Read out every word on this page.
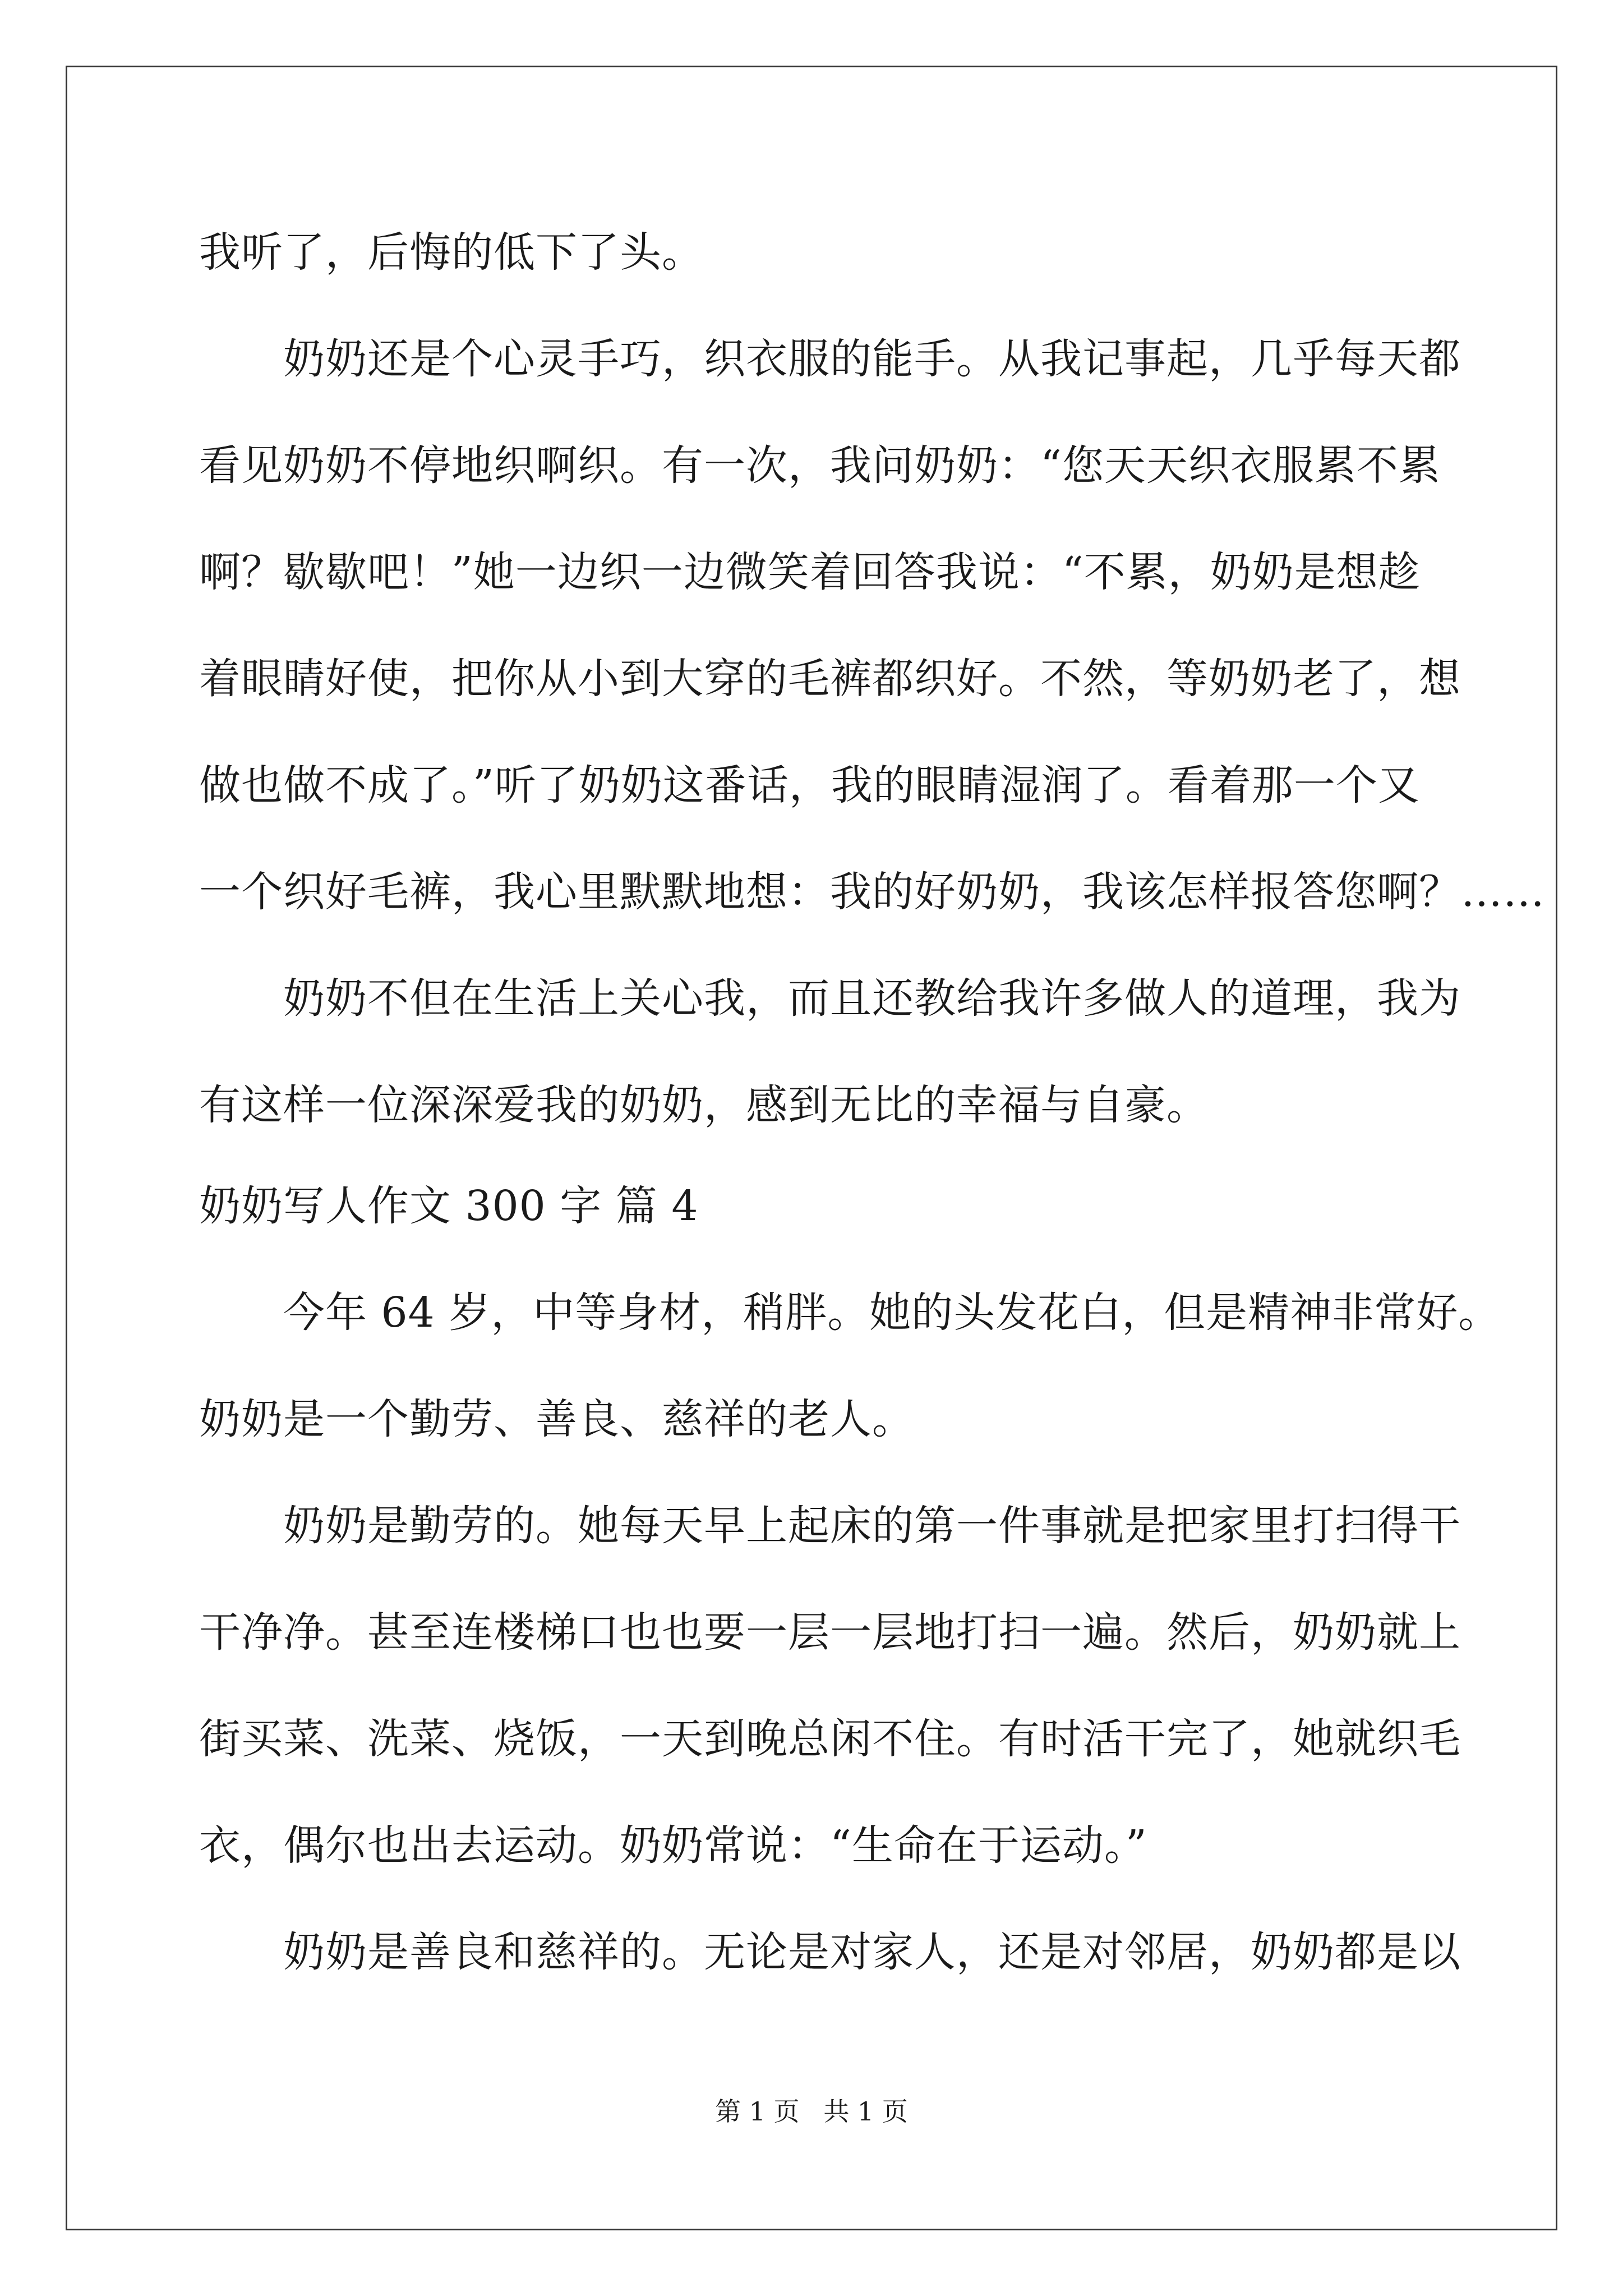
我听了，后悔的低下了头。
奶奶还是个心灵手巧，织衣服的能手。从我记事起，几乎每天都
看见奶奶不停地织啊织。有一次，我问奶奶：“您天天织衣服累不累
啊？歇歇吧！”她一边织一边微笑着回答我说：“不累，奶奶是想趁
着眼睛好使，把你从小到大穿的毛裤都织好。不然，等奶奶老了，想
做也做不成了。”听了奶奶这番话，我的眼睛湿润了。看着那一个又
一个织好毛裤，我心里默默地想：我的好奶奶，我该怎样报答您啊？……
奶奶不但在生活上关心我，而且还教给我许多做人的道理，我为
有这样一位深深爱我的奶奶，感到无比的幸福与自豪。
奶奶写人作文 300 字 篇 4
今年 64 岁，中等身材，稍胖。她的头发花白，但是精神非常好。
奶奶是一个勤劳、善良、慈祥的老人。
奶奶是勤劳的。她每天早上起床的第一件事就是把家里打扫得干
干净净。甚至连楼梯口也也要一层一层地打扫一遍。然后，奶奶就上
街买菜、洗菜、烧饭，一天到晚总闲不住。有时活干完了，她就织毛
衣，偶尔也出去运动。奶奶常说：“生命在于运动。”
奶奶是善良和慈祥的。无论是对家人，还是对邻居，奶奶都是以
第 1 页 共 1 页
